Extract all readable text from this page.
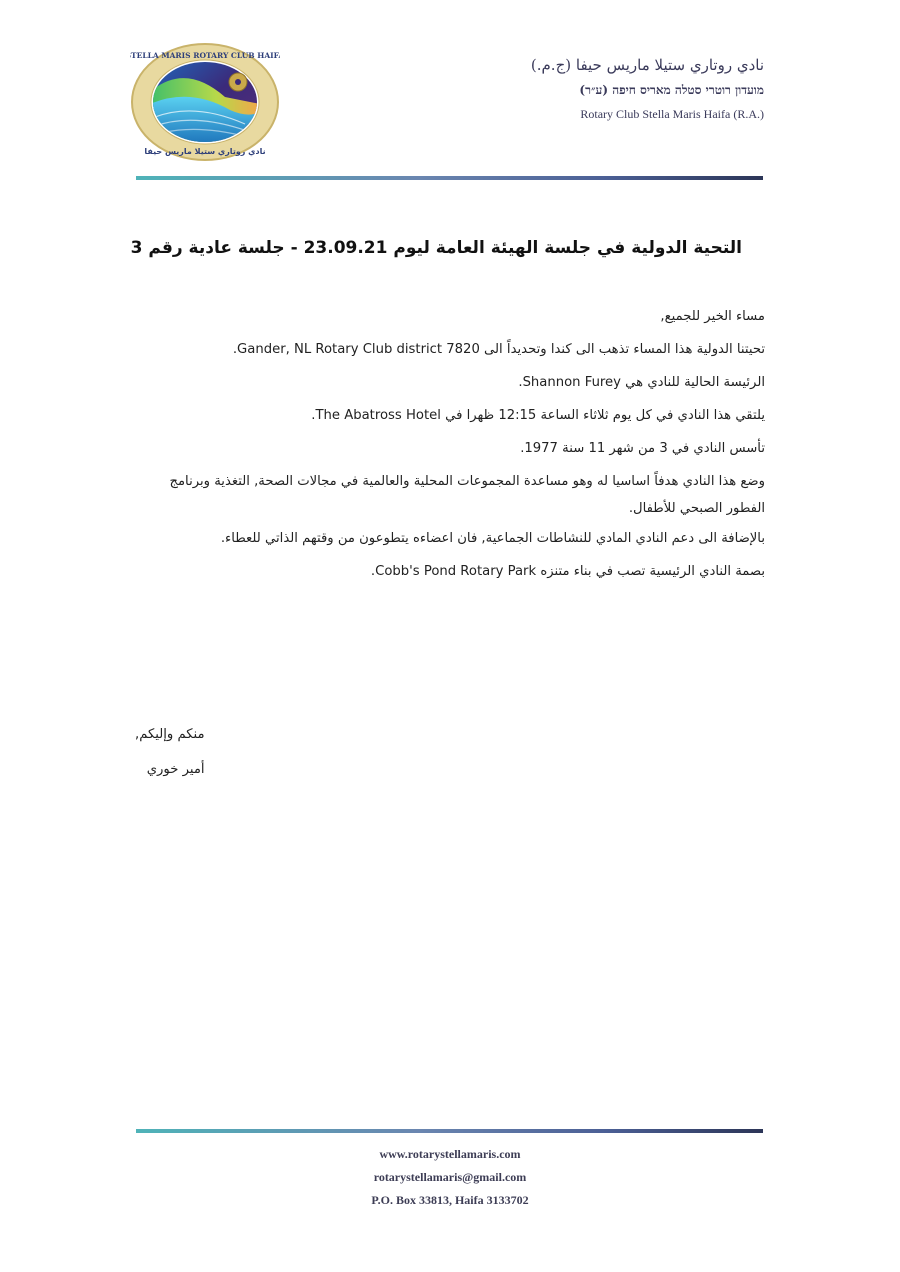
STELLA MARIS ROTARY CLUB HAIFA
نادي روتاري ستيلا ماريس حيفا
نادي روتاري ستيلا ماريس حيفا (ج.م.)
מועדון רוטרי סטלה מאריס חיפה (ע״ר)
Rotary Club Stella Maris Haifa (R.A.)
التحية الدولية في جلسة الهيئة العامة ليوم 23.09.21 - جلسة عادية رقم 3

مساء الخير للجميع,

تحيتنا الدولية هذا المساء تذهب الى كندا وتحديداً الى Gander, NL Rotary Club district 7820.

الرئيسة الحالية للنادي هي Shannon Furey.

يلتقي هذا النادي في كل يوم ثلاثاء الساعة 12:15 ظهرا في The Abatross Hotel.

تأسس النادي في 3 من شهر 11 سنة 1977.

وضع هذا النادي هدفاً اساسيا له وهو مساعدة المجموعات المحلية والعالمية في مجالات الصحة, التغذية وبرنامج الفطور الصبحي للأطفال.

بالإضافة الى دعم النادي المادي للنشاطات الجماعية, فان اعضاءه يتطوعون من وقتهم الذاتي للعطاء.

بصمة النادي الرئيسية تصب في بناء متنزه Cobb's Pond Rotary Park.

منكم وإليكم,
أمير خوري
www.rotarystellamaris.com
rotarystellamaris@gmail.com
P.O. Box 33813, Haifa 3133702
